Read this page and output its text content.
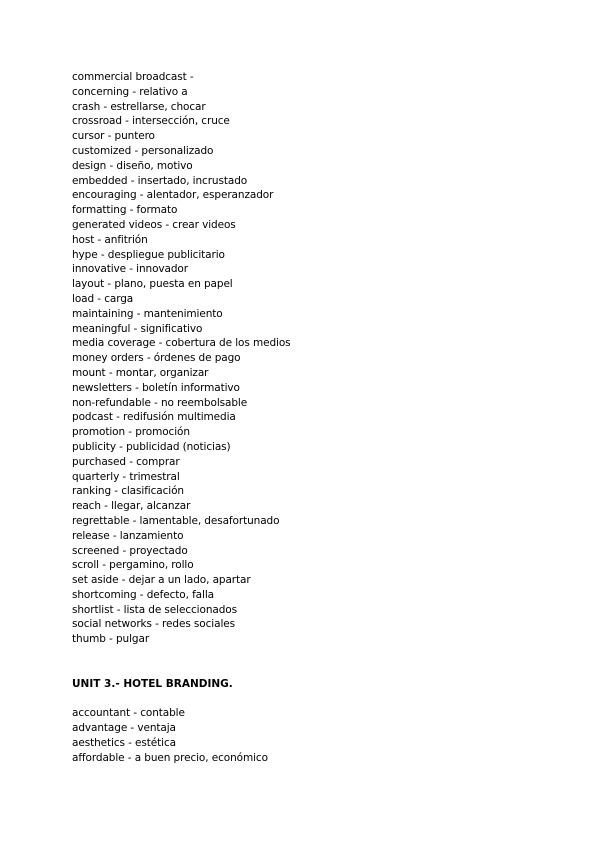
commercial broadcast -
concerning - relativo a
crash - estrellarse, chocar
crossroad - intersección, cruce
cursor - puntero
customized - personalizado
design - diseño, motivo
embedded - insertado, incrustado
encouraging - alentador, esperanzador
formatting - formato
generated videos - crear videos
host - anfitrión
hype - despliegue publicitario
innovative - innovador
layout - plano, puesta en papel
load - carga
maintaining - mantenimiento
meaningful - significativo
media coverage - cobertura de los medios
money orders - órdenes de pago
mount - montar, organizar
newsletters - boletín informativo
non-refundable - no reembolsable
podcast - redifusión multimedia
promotion - promoción
publicity - publicidad (noticias)
purchased - comprar
quarterly - trimestral
ranking - clasificación
reach - llegar, alcanzar
regrettable - lamentable, desafortunado
release - lanzamiento
screened - proyectado
scroll - pergamino, rollo
set aside - dejar a un lado, apartar
shortcoming - defecto, falla
shortlist - lista de seleccionados
social networks - redes sociales
thumb - pulgar
UNIT 3.- HOTEL BRANDING.
accountant - contable
advantage - ventaja
aesthetics - estética
affordable - a buen precio, económico
